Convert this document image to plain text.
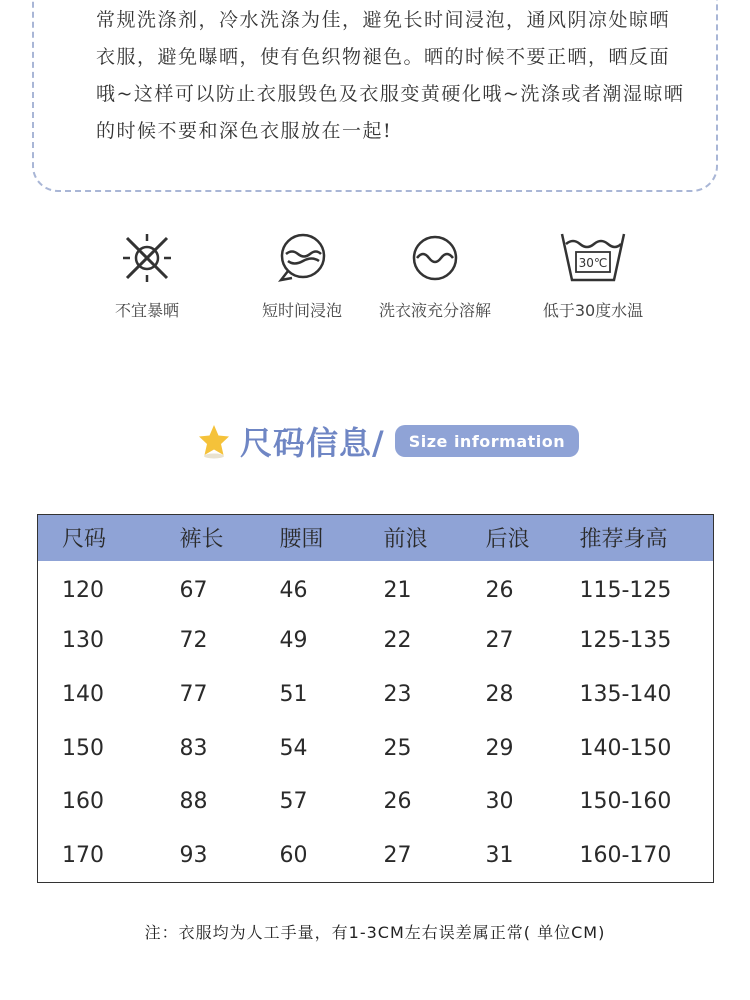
常规洗涤剂，冷水洗涤为佳，避免长时间浸泡，通风阴凉处晾晒
衣服，避免曝晒，使有色织物褪色。晒的时候不要正晒，晒反面
哦~这样可以防止衣服毁色及衣服变黄硬化哦~洗涤或者潮湿晾晒
的时候不要和深色衣服放在一起!
不宜暴晒	短时间浸泡	洗衣液充分溶解
30℃
低于30度水温
尺码信息/	Size information
尺码	裤长	腰围	前浪	后浪	推荐身高
120	67	46	21	26	115-125
130	72	49	22	27	125-135
140	77	51	23	28	135-140
150	83	54	25	29	140-150
160	88	57	26	30	150-160
170	93	60	27	31	160-170
注：衣服均为人工手量，有1-3CM左右误差属正常( 单位CM)
